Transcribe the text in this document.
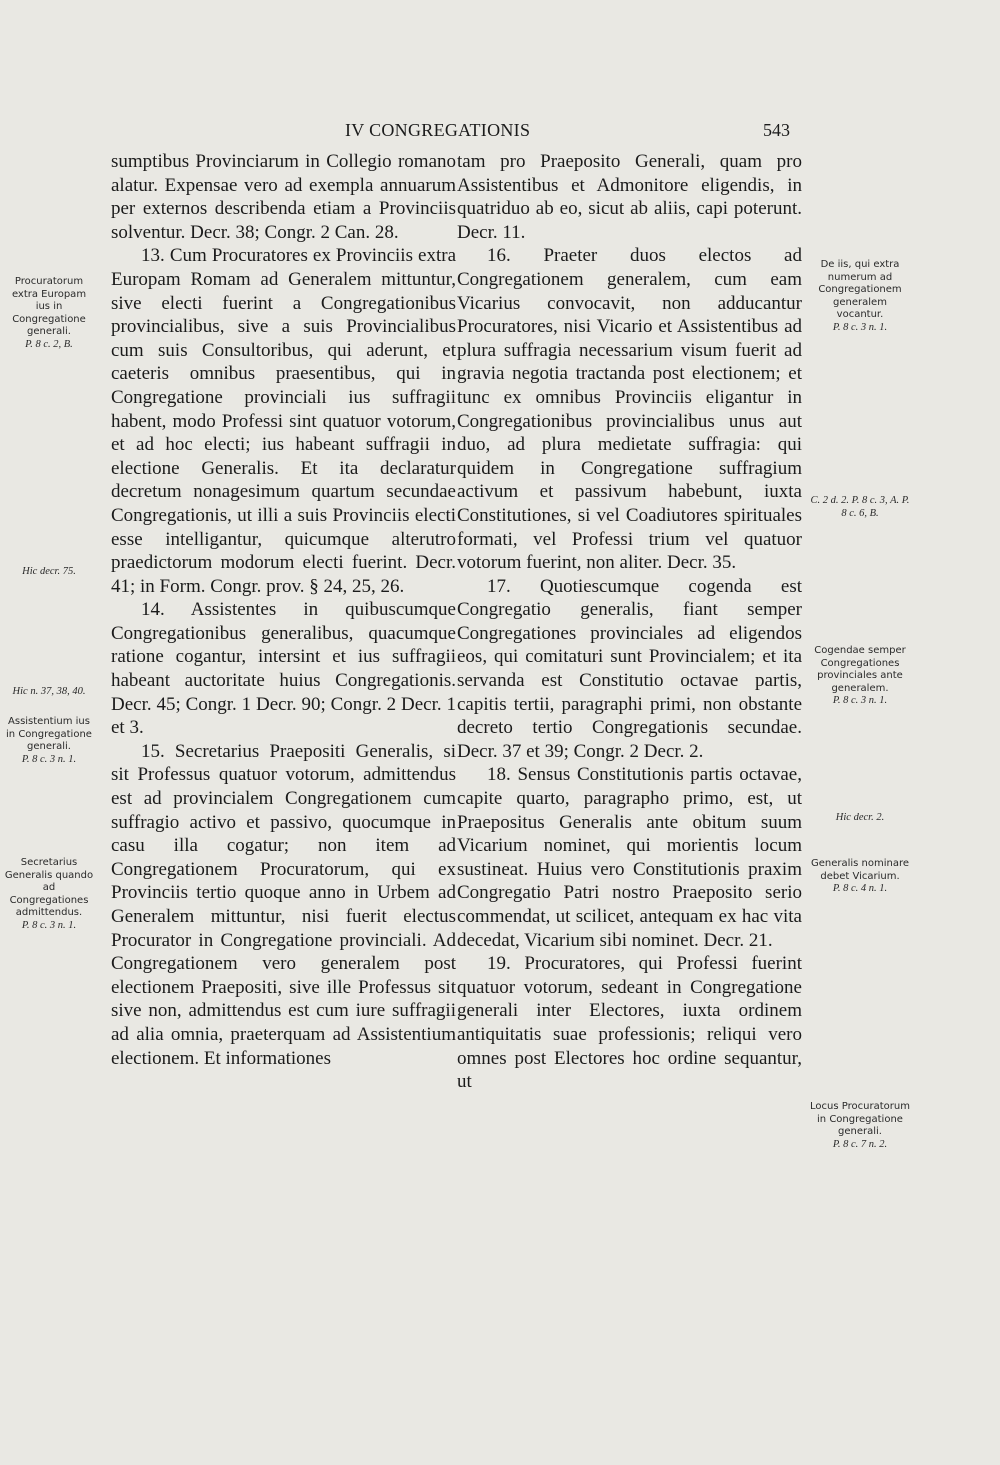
IV CONGREGATIONIS	543

sumptibus Provinciarum in Collegio romano alatur. Expensae vero ad exempla annuarum per externos describenda etiam a Provinciis solventur. Decr. 38; Congr. 2 Can. 28.

13. Cum Procuratores ex Provinciis extra Europam Romam ad Generalem mittuntur, sive electi fuerint a Congregationibus provincialibus, sive a suis Provincialibus cum suis Consultoribus, qui aderunt, et caeteris omnibus praesentibus, qui in Congregatione provinciali ius suffragii habent, modo Professi sint quatuor votorum, et ad hoc electi; ius habeant suffragii in electione Generalis. Et ita declaratur decretum nonagesimum quartum secundae Congregationis, ut illi a suis Provinciis electi esse intelligantur, quicumque alterutro praedictorum modorum electi fuerint. Decr. 41; in Form. Congr. prov. § 24, 25, 26.

14. Assistentes in quibuscumque Congregationibus generalibus, quacumque ratione cogantur, intersint et ius suffragii habeant auctoritate huius Congregationis. Decr. 45; Congr. 1 Decr. 90; Congr. 2 Decr. 1 et 3.

15. Secretarius Praepositi Generalis, si sit Professus quatuor votorum, admittendus est ad provincialem Congregationem cum suffragio activo et passivo, quocumque in casu illa cogatur; non item ad Congregationem Procuratorum, qui ex Provinciis tertio quoque anno in Urbem ad Generalem mittuntur, nisi fuerit electus Procurator in Congregatione provinciali. Ad Congregationem vero generalem post electionem Praepositi, sive ille Professus sit sive non, admittendus est cum iure suffragii ad alia omnia, praeterquam ad Assistentium electionem. Et informationes

tam pro Praeposito Generali, quam pro Assistentibus et Admonitore eligendis, in quatriduo ab eo, sicut ab aliis, capi poterunt. Decr. 11.

16. Praeter duos electos ad Congregationem generalem, cum eam Vicarius convocavit, non adducantur Procuratores, nisi Vicario et Assistentibus ad plura suffragia necessarium visum fuerit ad gravia negotia tractanda post electionem; et tunc ex omnibus Provinciis eligantur in Congregationibus provincialibus unus aut duo, ad plura medietate suffragia: qui quidem in Congregatione suffragium activum et passivum habebunt, iuxta Constitutiones, si vel Coadiutores spirituales formati, vel Professi trium vel quatuor votorum fuerint, non aliter. Decr. 35.

17. Quotiescumque cogenda est Congregatio generalis, fiant semper Congregationes provinciales ad eligendos eos, qui comitaturi sunt Provincialem; et ita servanda est Constitutio octavae partis, capitis tertii, paragraphi primi, non obstante decreto tertio Congregationis secundae. Decr. 37 et 39; Congr. 2 Decr. 2.

18. Sensus Constitutionis partis octavae, capite quarto, paragrapho primo, est, ut Praepositus Generalis ante obitum suum Vicarium nominet, qui morientis locum sustineat. Huius vero Constitutionis praxim Congregatio Patri nostro Praeposito serio commendat, ut scilicet, antequam ex hac vita decedat, Vicarium sibi nominet. Decr. 21.

19. Procuratores, qui Professi fuerint quatuor votorum, sedeant in Congregatione generali inter Electores, iuxta ordinem antiquitatis suae professionis; reliqui vero omnes post Electores hoc ordine sequantur, ut

Procuratorum extra Europam ius in Congregatione generali.
P. 8 c. 2, B.
Hic decr. 75.
Hic n. 37, 38, 40.
Assistentium ius in Congregatione generali.
P. 8 c. 3 n. 1.
Secretarius Generalis quando ad Congregationes admittendus.
P. 8 c. 3 n. 1.
De iis, qui extra numerum ad Congregationem generalem vocantur.
P. 8 c. 3 n. 1.
C. 2 d. 2. P. 8 c. 3, A. P. 8 c. 6, B.
Cogendae semper Congregationes provinciales ante generalem.
P. 8 c. 3 n. 1.
Hic decr. 2.
Generalis nominare debet Vicarium.
P. 8 c. 4 n. 1.
Locus Procuratorum in Congregatione generali.
P. 8 c. 7 n. 2.
